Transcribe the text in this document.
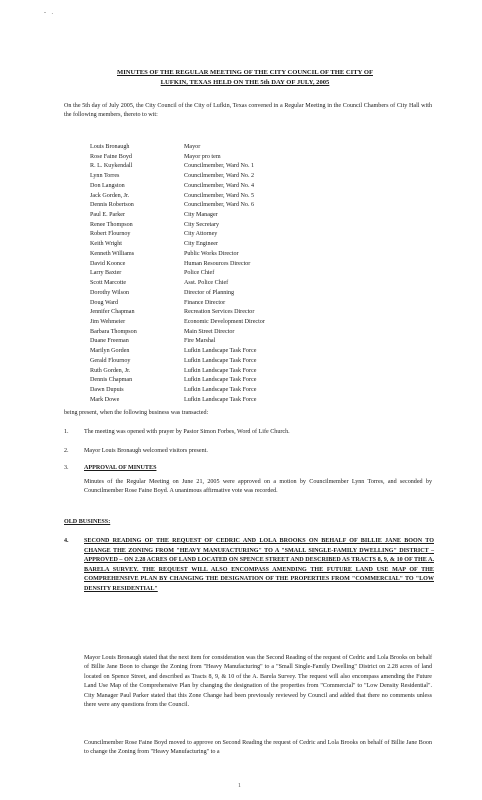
- .
MINUTES OF THE REGULAR MEETING OF THE CITY COUNCIL OF THE CITY OF
LUFKIN, TEXAS HELD ON THE 5th DAY OF JULY, 2005
On the 5th day of July 2005, the City Council of the City of Lufkin, Texas convened in a Regular Meeting in the Council Chambers of City Hall with the following members, thereto to wit:
Louis Bronaugh	Mayor
Rose Faine Boyd	Mayor pro tem
R. L. Kuykendall	Councilmember, Ward No. 1
Lynn Torres	Councilmember, Ward No. 2
Don Langston	Councilmember, Ward No. 4
Jack Gorden, Jr.	Councilmember, Ward No. 5
Dennis Robertson	Councilmember, Ward No. 6
Paul E. Parker	City Manager
Renee Thompson	City Secretary
Robert Flournoy	City Attorney
Keith Wright	City Engineer
Kenneth Williams	Public Works Director
David Koonce	Human Resources Director
Larry Baxter	Police Chief
Scott Marcotte	Asst. Police Chief
Dorothy Wilson	Director of Planning
Doug Ward	Finance Director
Jennifer Chapman	Recreation Services Director
Jim Wehmeier	Economic Development Director
Barbara Thompson	Main Street Director
Duane Freeman	Fire Marshal
Marilyn Gorden	Lufkin Landscape Task Force
Gerald Flournoy	Lufkin Landscape Task Force
Ruth Gorden, Jr.	Lufkin Landscape Task Force
Dennis Chapman	Lufkin Landscape Task Force
Dawn Dupuis	Lufkin Landscape Task Force
Mark Dowe	Lufkin Landscape Task Force
being present, when the following business was transacted:
1.	The meeting was opened with prayer by Pastor Simon Forbes, Word of Life Church.
2.	Mayor Louis Bronaugh welcomed visitors present.
3.	APPROVAL OF MINUTES
Minutes of the Regular Meeting on June 21, 2005 were approved on a motion by Councilmember Lynn Torres, and seconded by Councilmember Rose Faine Boyd. A unanimous affirmative vote was recorded.
OLD BUSINESS:
4.	SECOND READING OF THE REQUEST OF CEDRIC AND LOLA BROOKS ON BEHALF OF BILLIE JANE BOON TO CHANGE THE ZONING FROM "HEAVY MANUFACTURING" TO A "SMALL SINGLE-FAMILY DWELLING" DISTRICT – APPROVED – ON 2.28 ACRES OF LAND LOCATED ON SPENCE STREET AND DESCRIBED AS TRACTS 8, 9, & 10 OF THE A. BARELA SURVEY. THE REQUEST WILL ALSO ENCOMPASS AMENDING THE FUTURE LAND USE MAP OF THE COMPREHENSIVE PLAN BY CHANGING THE DESIGNATION OF THE PROPERTIES FROM "COMMERCIAL" TO "LOW DENSITY RESIDENTIAL"
Mayor Louis Bronaugh stated that the next item for consideration was the Second Reading of the request of Cedric and Lola Brooks on behalf of Billie Jane Boon to change the Zoning from "Heavy Manufacturing" to a "Small Single-Family Dwelling" District on 2.28 acres of land located on Spence Street, and described as Tracts 8, 9, & 10 of the A. Barela Survey. The request will also encompass amending the Future Land Use Map of the Comprehensive Plan by changing the designation of the properties from "Commercial" to "Low Density Residential". City Manager Paul Parker stated that this Zone Change had been previously reviewed by Council and added that there no comments unless there were any questions from the Council.
Councilmember Rose Faine Boyd moved to approve on Second Reading the request of Cedric and Lola Brooks on behalf of Billie Jane Boon to change the Zoning from "Heavy Manufacturing" to a
1
